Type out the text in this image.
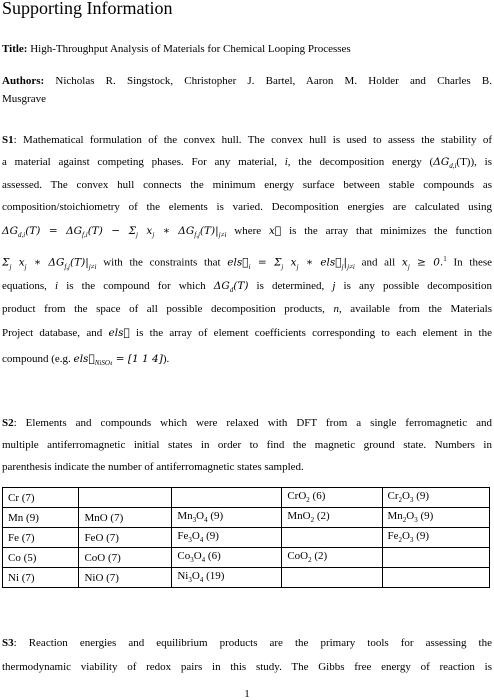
Supporting Information
Title: High-Throughput Analysis of Materials for Chemical Looping Processes
Authors: Nicholas R. Singstock, Christopher J. Bartel, Aaron M. Holder and Charles B.
Musgrave
S1: Mathematical formulation of the convex hull. The convex hull is used to assess the stability of
a material against competing phases. For any material, i, the decomposition energy $(\Delta G_{d,i}(T))$, is
assessed. The convex hull connects the minimum energy surface between stable compounds as
composition/stoichiometry of the elements is varied. Decomposition energies are calculated using
$\Delta G_{d,i}(T) = \Delta G_{f,i}(T) - \Sigma_j$ $x_j$ ∗ $\Delta G_{f,j}(T)|_{j\ne i}$ where x⃗ is the array that minimizes the function
$\Sigma_j$ $x_j$ ∗ $\Delta G_{f,j}(T)|_{j\ne i}$ with the constraints that $els⃗_i = \Sigma_j$ $x_j$ ∗ $els⃗_j|_{j\ne i}$ and all $x_j \ge 0.^1$ In these
equations, i is the compound for which $\Delta G_d(T)$ is determined, j is any possible decomposition
product from the space of all possible decomposition products, n, available from the Materials
Project database, and els⃗ is the array of element coefficients corresponding to each element in the
compound (e.g. $els⃗_{NiSO4} = [1$ 1 4]).
S2: Elements and compounds which were relaxed with DFT from a single ferromagnetic and
multiple antiferromagnetic initial states in order to find the magnetic ground state. Numbers in
parenthesis indicate the number of antiferromagnetic states sampled.
Cr (7)			CrO$_2$ (6)	$Cr_2O_3$ (9)
Mn (9)	MnO (7)	$Mn_3O_4$ (9)	MnO$_2$ (2)	$Mn_2O_3$ (9)
Fe (7)	FeO (7)	$Fe_3O_4$ (9)		$Fe_2O_3$ (9)
Co (5)	CoO (7)	$Co_3O_4$ (6)	CoO$_2$ (2)	
Ni (7)	NiO (7)	$Ni_3O_4$ (19)		
S3: Reaction energies and equilibrium products are the primary tools for assessing the
thermodynamic viability of redox pairs in this study. The Gibbs free energy of reaction is
1
